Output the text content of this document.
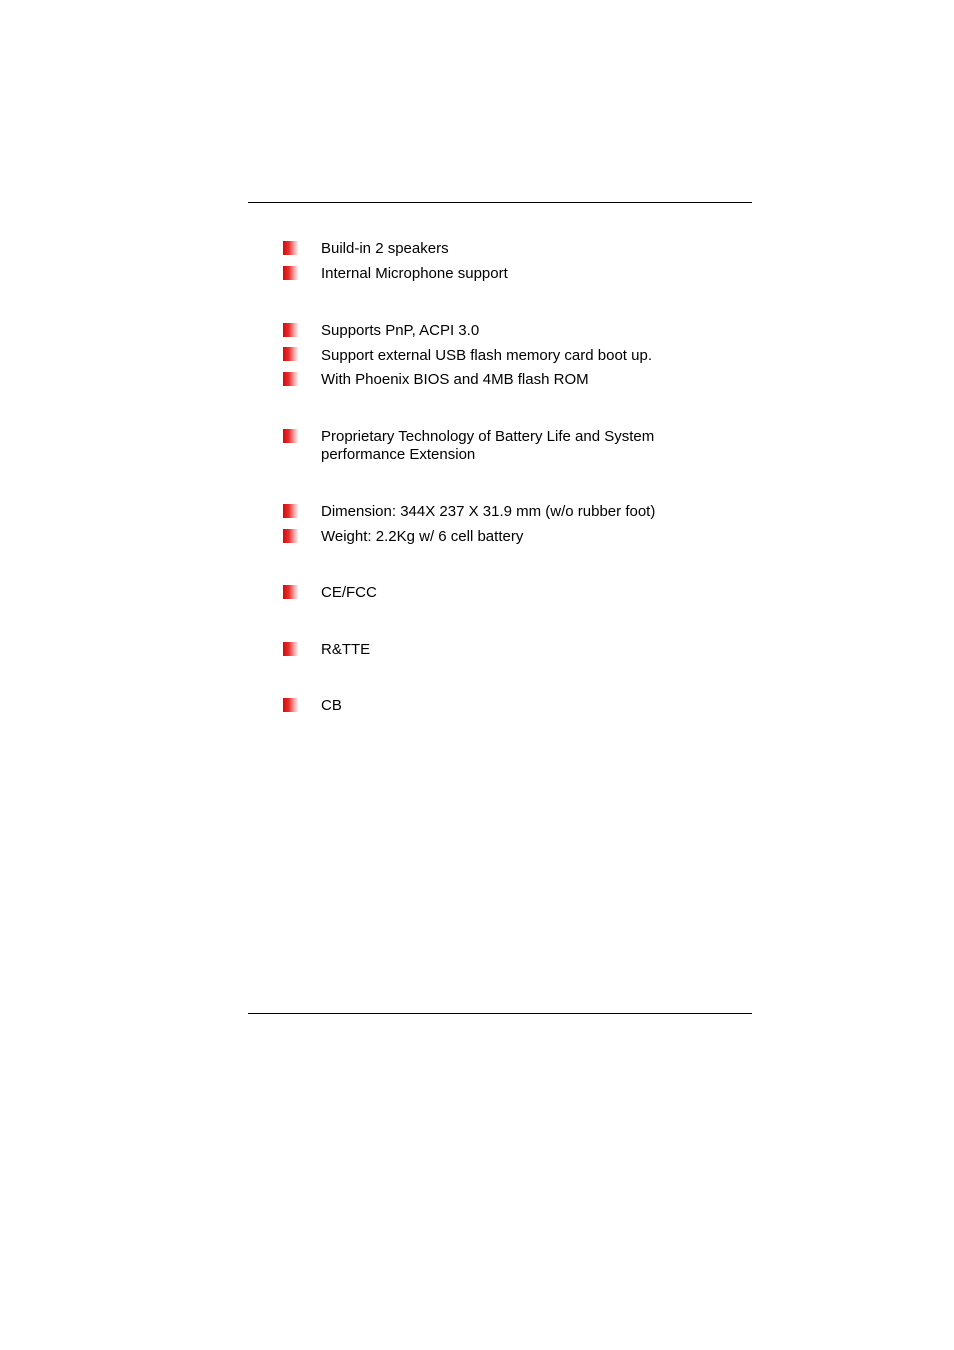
Build-in 2 speakers
Internal Microphone support
Supports PnP, ACPI 3.0
Support external USB flash memory card boot up.
With Phoenix BIOS and 4MB flash ROM
Proprietary Technology of Battery Life and System
performance Extension
Dimension: 344X 237 X 31.9 mm (w/o rubber foot)
Weight: 2.2Kg w/ 6 cell battery
CE/FCC
R&TTE
CB
